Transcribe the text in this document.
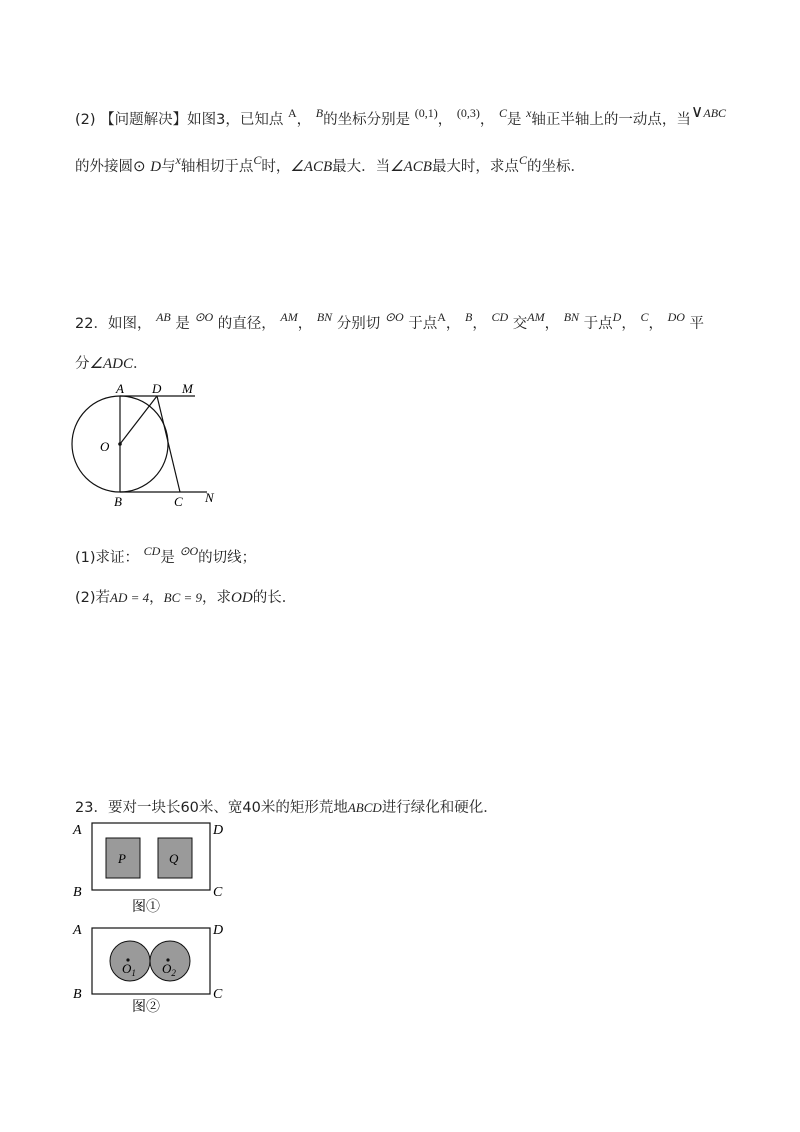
(2) 【问题解决】如图3，已知点 $^A$， $^B$的坐标分别是 $^{(0,1)}$， $^{(0,3)}$， $^C$是 $^x$轴正半轴上的一动点，当∨$^{ABC}$
的外接圆⊙ D与$^x$轴相切于点$^C$时，∠ACB最大．当∠ACB最大时，求点$^C$的坐标．
22．如图， $^{AB}$ 是 $^{⊙O}$ 的直径， $^{AM}$， $^{BN}$ 分别切 $^{⊙O}$ 于点$^A$， $^B$， $^{CD}$ 交$^{AM}$， $^{BN}$ 于点$^D$， $^C$， $^{DO}$ 平
分∠ADC．
A D M
O
B	C N
(1)求证： $^{CD}$是 $^{⊙O}$的切线；
(2)若AD = 4，BC = 9，求OD的长．
23．要对一块长60米、宽40米的矩形荒地ABCD进行绿化和硬化．
P	Q
A	D
B	C
图①
$O_1$ $O_2$
A	D
B	C
图②
